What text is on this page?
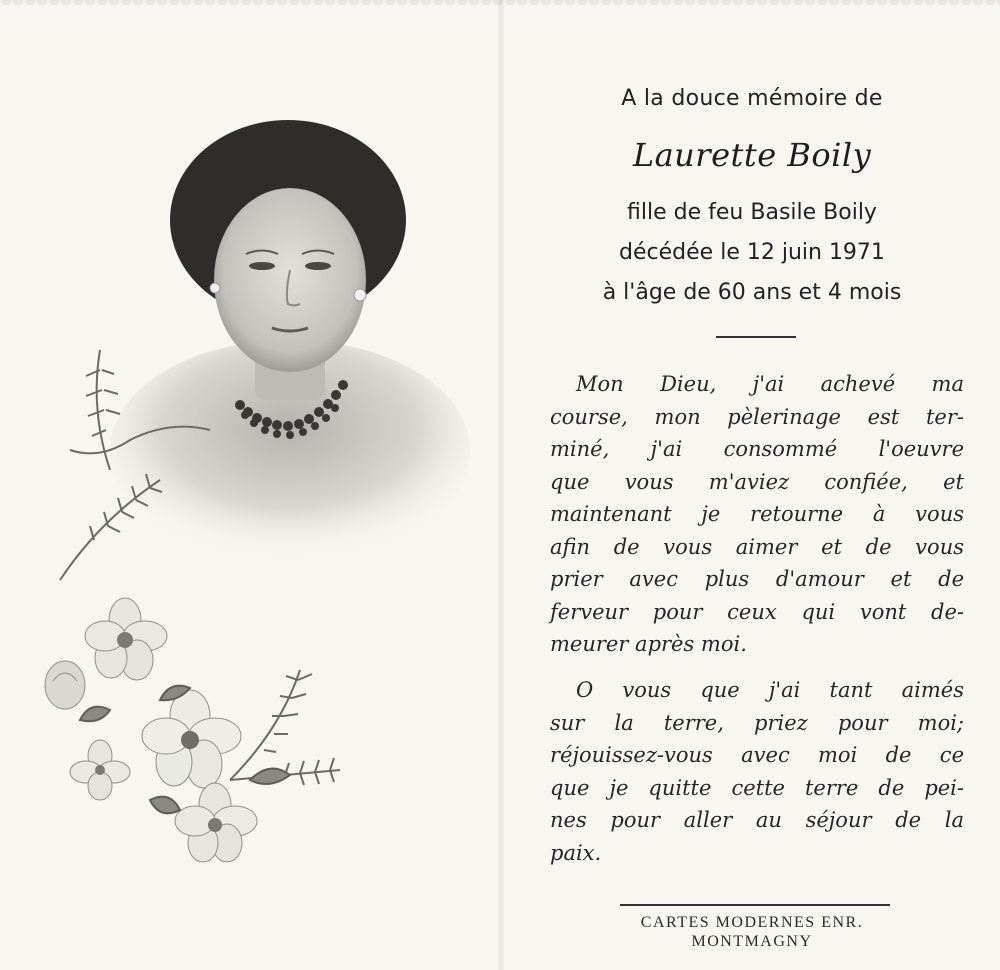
A la douce mémoire de
Laurette Boily
fille de feu Basile Boily
décédée le 12 juin 1971
à l'âge de 60 ans et 4 mois
Mon Dieu, j'ai achevé ma
course, mon pèlerinage est ter-
miné, j'ai consommé l'oeuvre
que vous m'aviez confiée, et
maintenant je retourne à vous
afin de vous aimer et de vous
prier avec plus d'amour et de
ferveur pour ceux qui vont de-
meurer après moi.
O vous que j'ai tant aimés
sur la terre, priez pour moi;
réjouissez-vous avec moi de ce
que je quitte cette terre de pei-
nes pour aller au séjour de la
paix.
CARTES MODERNES ENR.
MONTMAGNY
